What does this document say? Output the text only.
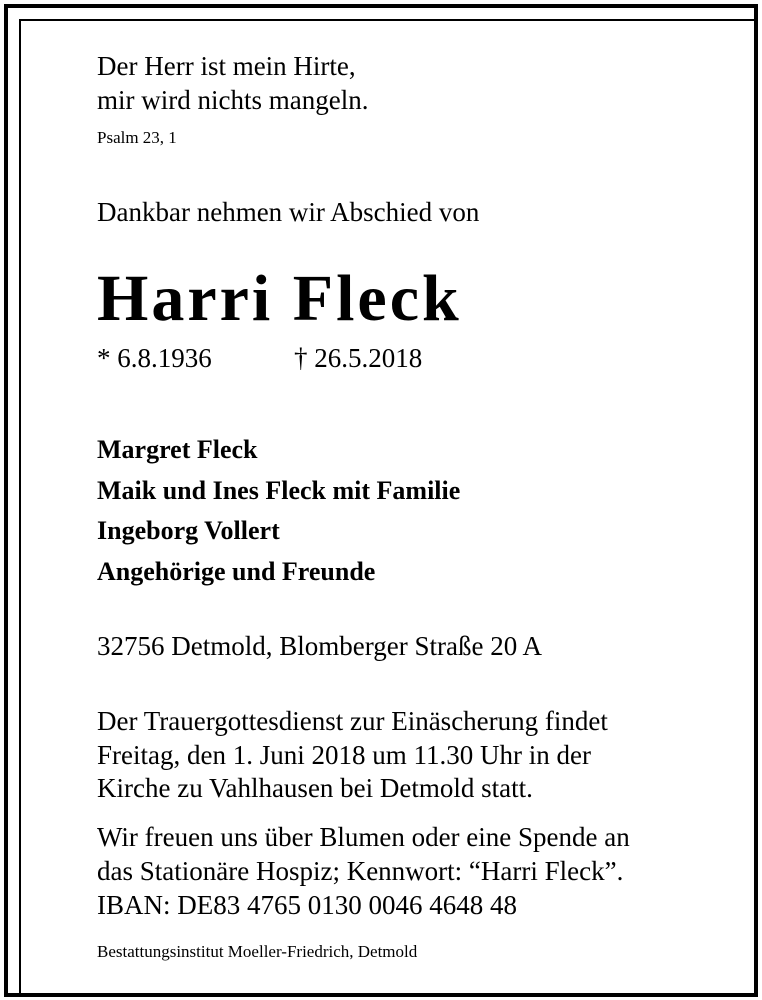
Der Herr ist mein Hirte,
mir wird nichts mangeln.
Psalm 23, 1
Dankbar nehmen wir Abschied von
Harri Fleck
* 6.8.1936	† 26.5.2018
Margret Fleck
Maik und Ines Fleck mit Familie
Ingeborg Vollert
Angehörige und Freunde
32756 Detmold, Blomberger Straße 20 A
Der Trauergottesdienst zur Einäscherung findet
Freitag, den 1. Juni 2018 um 11.30 Uhr in der
Kirche zu Vahlhausen bei Detmold statt.
Wir freuen uns über Blumen oder eine Spende an
das Stationäre Hospiz; Kennwort: “Harri Fleck”.
IBAN: DE83 4765 0130 0046 4648 48
Bestattungsinstitut Moeller-Friedrich, Detmold
